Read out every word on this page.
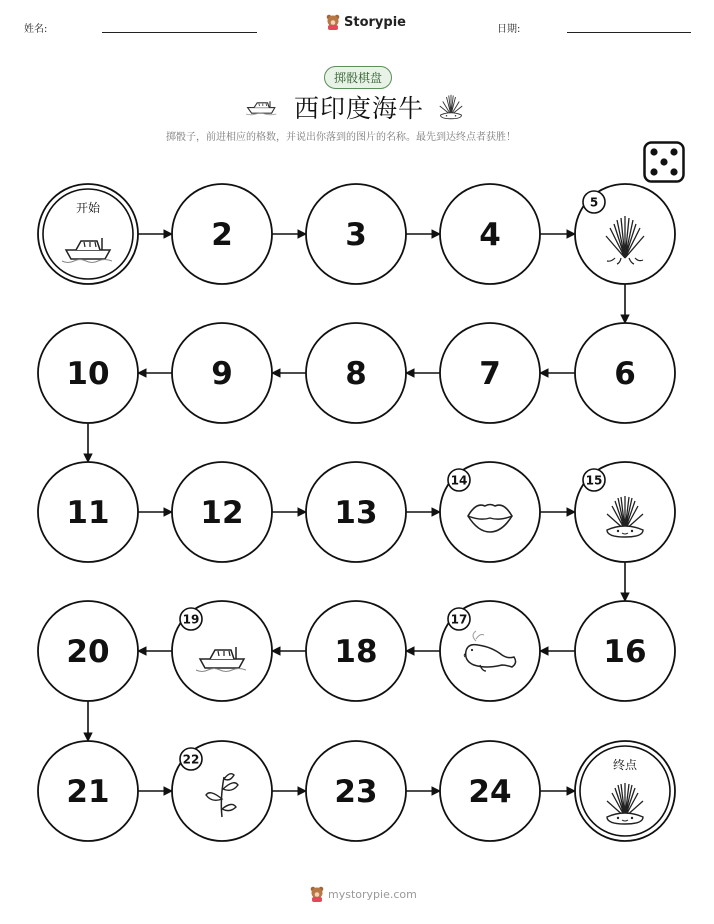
姓名:	Storypie	日期:
掷骰棋盘
西印度海牛
掷骰子，前进相应的格数，并说出你落到的图片的名称。最先到达终点者获胜！
开始
2	3	4
5
6
7
8
9
10
11	12	13
14	15
16
17
18
19
20
21
22
23	24
终点
mystorypie.com
